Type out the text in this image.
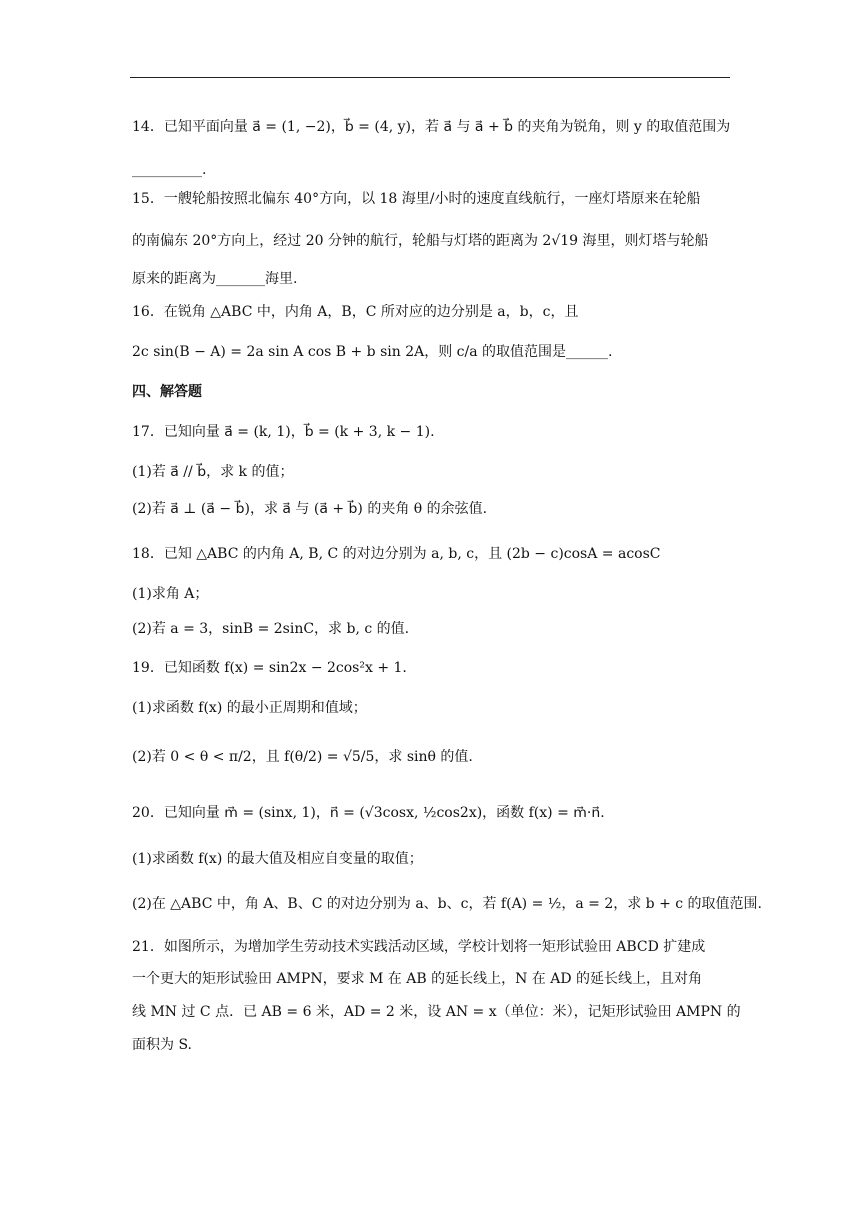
14．已知平面向量 a⃗ = (1, −2)，b⃗ = (4, y)，若 a⃗ 与 a⃗ + b⃗ 的夹角为锐角，则 y 的取值范围为
__________.
15．一艘轮船按照北偏东 40°方向，以 18 海里/小时的速度直线航行，一座灯塔原来在轮船
的南偏东 20°方向上，经过 20 分钟的航行，轮船与灯塔的距离为 2√19 海里，则灯塔与轮船
原来的距离为_______海里.
16．在锐角 △ABC 中，内角 A，B，C 所对应的边分别是 a，b，c，且
2c sin(B − A) = 2a sin A cos B + b sin 2A，则 c/a 的取值范围是______.
四、解答题
17．已知向量 a⃗ = (k, 1)，b⃗ = (k + 3, k − 1).
(1)若 a⃗ // b⃗，求 k 的值；
(2)若 a⃗ ⊥ (a⃗ − b⃗)，求 a⃗ 与 (a⃗ + b⃗) 的夹角 θ 的余弦值.
18．已知 △ABC 的内角 A, B, C 的对边分别为 a, b, c，且 (2b − c)cosA = acosC
(1)求角 A；
(2)若 a = 3，sinB = 2sinC，求 b, c 的值.
19．已知函数 f(x) = sin2x − 2cos²x + 1.
(1)求函数 f(x) 的最小正周期和值域；
(2)若 0 < θ < π/2，且 f(θ/2) = √5/5，求 sinθ 的值.
20．已知向量 m⃗ = (sinx, 1)，n⃗ = (√3cosx, ½cos2x)，函数 f(x) = m⃗·n⃗.
(1)求函数 f(x) 的最大值及相应自变量的取值；
(2)在 △ABC 中，角 A、B、C 的对边分别为 a、b、c，若 f(A) = ½，a = 2，求 b + c 的取值范围.
21．如图所示，为增加学生劳动技术实践活动区域，学校计划将一矩形试验田 ABCD 扩建成
一个更大的矩形试验田 AMPN，要求 M 在 AB 的延长线上，N 在 AD 的延长线上，且对角
线 MN 过 C 点．已 AB = 6 米，AD = 2 米，设 AN = x（单位：米），记矩形试验田 AMPN 的
面积为 S.
